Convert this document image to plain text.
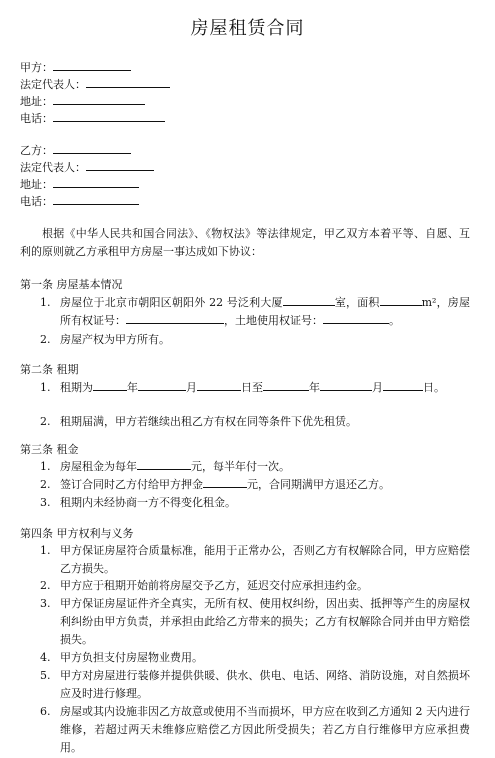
房屋租赁合同
甲方：
法定代表人：
地址：
电话：
乙方：
法定代表人：
地址：
电话：
根据《中华人民共和国合同法》、《物权法》等法律规定，甲乙双方本着平等、自愿、互利的原则就乙方承租甲方房屋一事达成如下协议：
第一条 房屋基本情况
1. 房屋位于北京市朝阳区朝阳外 22 号泛利大厦	室，面积	m²，房屋所有权证号：	，土地使用权证号：	。
2. 房屋产权为甲方所有。
第二条 租期
1. 租期为	年	月	日至	年	月	日。
2. 租期届满，甲方若继续出租乙方有权在同等条件下优先租赁。
第三条 租金
1. 房屋租金为每年	元，每半年付一次。
2. 签订合同时乙方付给甲方押金	元，合同期满甲方退还乙方。
3. 租期内未经协商一方不得变化租金。
第四条 甲方权利与义务
1. 甲方保证房屋符合质量标准，能用于正常办公，否则乙方有权解除合同，甲方应赔偿乙方损失。
2. 甲方应于租期开始前将房屋交予乙方，延迟交付应承担违约金。
3. 甲方保证房屋证件齐全真实，无所有权、使用权纠纷，因出卖、抵押等产生的房屋权利纠纷由甲方负责，并承担由此给乙方带来的损失；乙方有权解除合同并由甲方赔偿损失。
4. 甲方负担支付房屋物业费用。
5. 甲方对房屋进行装修并提供供暖、供水、供电、电话、网络、消防设施，对自然损坏应及时进行修理。
6. 房屋或其内设施非因乙方故意或使用不当而损坏，甲方应在收到乙方通知 2 天内进行维修，若超过两天未维修应赔偿乙方因此所受损失；若乙方自行维修甲方应承担费用。
